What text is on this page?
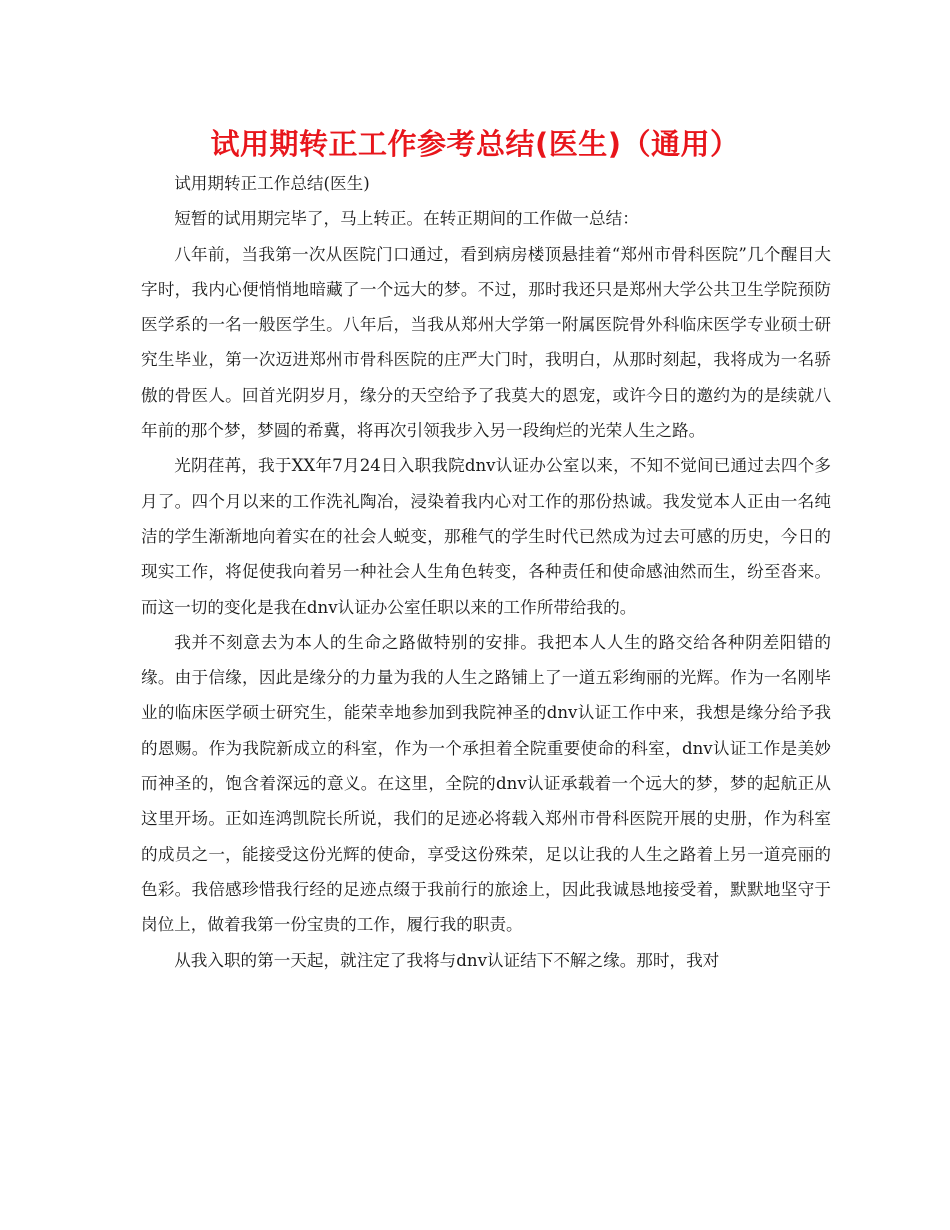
试用期转正工作参考总结(医生)（通用）

试用期转正工作总结(医生)

短暂的试用期完毕了，马上转正。在转正期间的工作做一总结：

八年前，当我第一次从医院门口通过，看到病房楼顶悬挂着“郑州市骨科医院”几个醒目大字时，我内心便悄悄地暗藏了一个远大的梦。不过，那时我还只是郑州大学公共卫生学院预防医学系的一名一般医学生。八年后，当我从郑州大学第一附属医院骨外科临床医学专业硕士研究生毕业，第一次迈进郑州市骨科医院的庄严大门时，我明白，从那时刻起，我将成为一名骄傲的骨医人。回首光阴岁月，缘分的天空给予了我莫大的恩宠，或许今日的邀约为的是续就八年前的那个梦，梦圆的希冀，将再次引领我步入另一段绚烂的光荣人生之路。

光阴荏苒，我于XX年7月24日入职我院dnv认证办公室以来，不知不觉间已通过去四个多月了。四个月以来的工作洗礼陶冶，浸染着我内心对工作的那份热诚。我发觉本人正由一名纯洁的学生渐渐地向着实在的社会人蜕变，那稚气的学生时代已然成为过去可感的历史，今日的现实工作，将促使我向着另一种社会人生角色转变，各种责任和使命感油然而生，纷至沓来。而这一切的变化是我在dnv认证办公室任职以来的工作所带给我的。

我并不刻意去为本人的生命之路做特别的安排。我把本人人生的路交给各种阴差阳错的缘。由于信缘，因此是缘分的力量为我的人生之路铺上了一道五彩绚丽的光辉。作为一名刚毕业的临床医学硕士研究生，能荣幸地参加到我院神圣的dnv认证工作中来，我想是缘分给予我的恩赐。作为我院新成立的科室，作为一个承担着全院重要使命的科室，dnv认证工作是美妙而神圣的，饱含着深远的意义。在这里，全院的dnv认证承载着一个远大的梦，梦的起航正从这里开场。正如连鸿凯院长所说，我们的足迹必将载入郑州市骨科医院开展的史册，作为科室的成员之一，能接受这份光辉的使命，享受这份殊荣，足以让我的人生之路着上另一道亮丽的色彩。我倍感珍惜我行经的足迹点缀于我前行的旅途上，因此我诚恳地接受着，默默地坚守于岗位上，做着我第一份宝贵的工作，履行我的职责。

从我入职的第一天起，就注定了我将与dnv认证结下不解之缘。那时，我对
